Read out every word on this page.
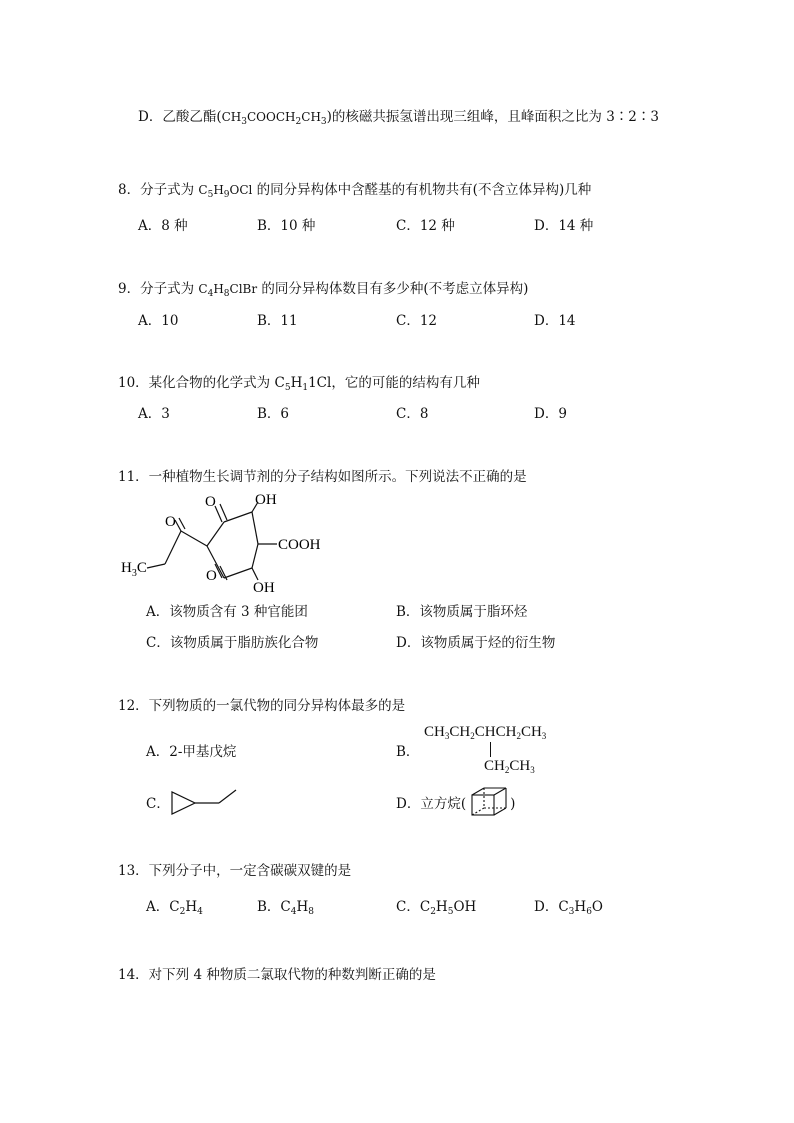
D．乙酸乙酯$(CH_3COOCH_2CH_3)$的核磁共振氢谱出现三组峰，且峰面积之比为 3∶2∶3
8．分子式为 $C_5H_9OCl$ 的同分异构体中含醛基的有机物共有(不含立体异构)几种
A．8 种	B．10 种	C．12 种	D．14 种
9．分子式为 $C_4H_8ClBr$ 的同分异构体数目有多少种(不考虑立体异构)
A．10	B．11	C．12	D．14
10．某化合物的化学式为 $C_5H_11Cl$，它的可能的结构有几种
A．3	B．6	C．8	D．9
11．一种植物生长调节剂的分子结构如图所示。下列说法不正确的是
O	OH
O
COOH
$H_3C$	O
OH
A．该物质含有 3 种官能团	B．该物质属于脂环烃
C．该物质属于脂肪族化合物	D．该物质属于烃的衍生物
12．下列物质的一氯代物的同分异构体最多的是
A．2-甲基戊烷	B．
$CH_3CH_2CHCH_2CH_3$
$CH_2CH_3$
C．	D．立方烷(	)
13．下列分子中，一定含碳碳双键的是
A．$C_2H_4$	B．$C_4H_8$	C．$C_2H_5OH$	D．$C_3H_6O$
14．对下列 4 种物质二氯取代物的种数判断正确的是
